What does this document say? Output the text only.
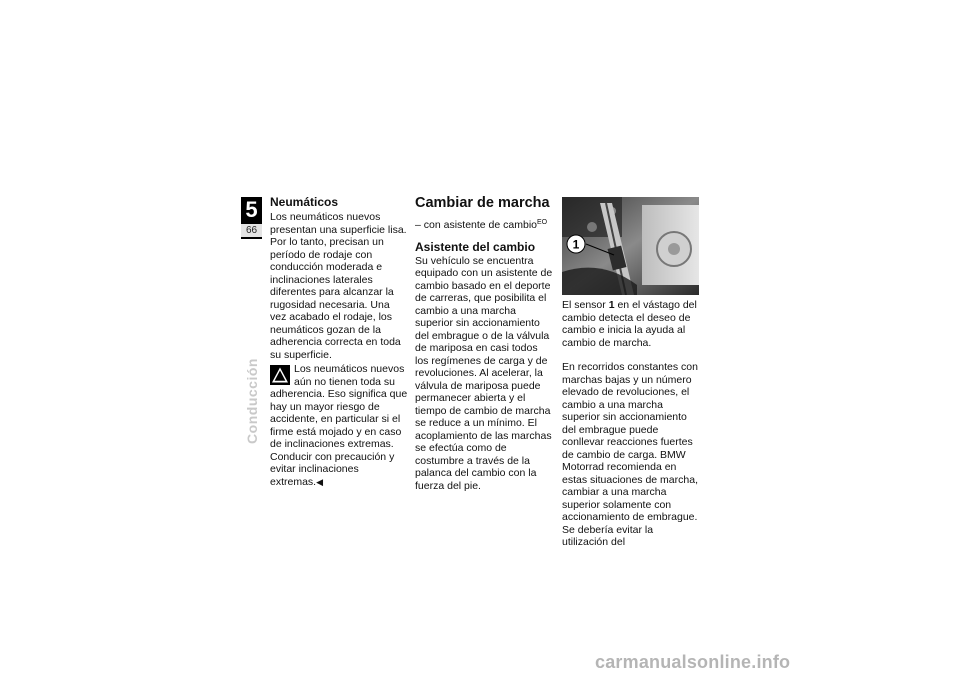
5
66
Conducción
Neumáticos

Los neumáticos nuevos presentan una superficie lisa. Por lo tanto, precisan un período de rodaje con conducción moderada e inclinaciones laterales diferentes para alcanzar la rugosidad necesaria. Una vez acabado el rodaje, los neumáticos gozan de la adherencia correcta en toda su superficie.

Los neumáticos nuevos aún no tienen toda su adherencia. Eso significa que hay un mayor riesgo de accidente, en particular si el firme está mojado y en caso de inclinaciones extremas.

Conducir con precaución y evitar inclinaciones extremas.◀

Cambiar de marcha

– con asistente de cambio$^{EO}$

Asistente del cambio

Su vehículo se encuentra equipado con un asistente de cambio basado en el deporte de carreras, que posibilita el cambio a una marcha superior sin accionamiento del embrague o de la válvula de mariposa en casi todos los regímenes de carga y de revoluciones. Al acelerar, la válvula de mariposa puede permanecer abierta y el tiempo de cambio de marcha se reduce a un mínimo. El acoplamiento de las marchas se efectúa como de costumbre a través de la palanca del cambio con la fuerza del pie.

1

El sensor 1 en el vástago del cambio detecta el deseo de cambio e inicia la ayuda al cambio de marcha.

En recorridos constantes con marchas bajas y un número elevado de revoluciones, el cambio a una marcha superior sin accionamiento del embrague puede conllevar reacciones fuertes de cambio de carga. BMW Motorrad recomienda en estas situaciones de marcha, cambiar a una marcha superior solamente con accionamiento de embrague. Se debería evitar la utilización del

carmanualsonline.info
